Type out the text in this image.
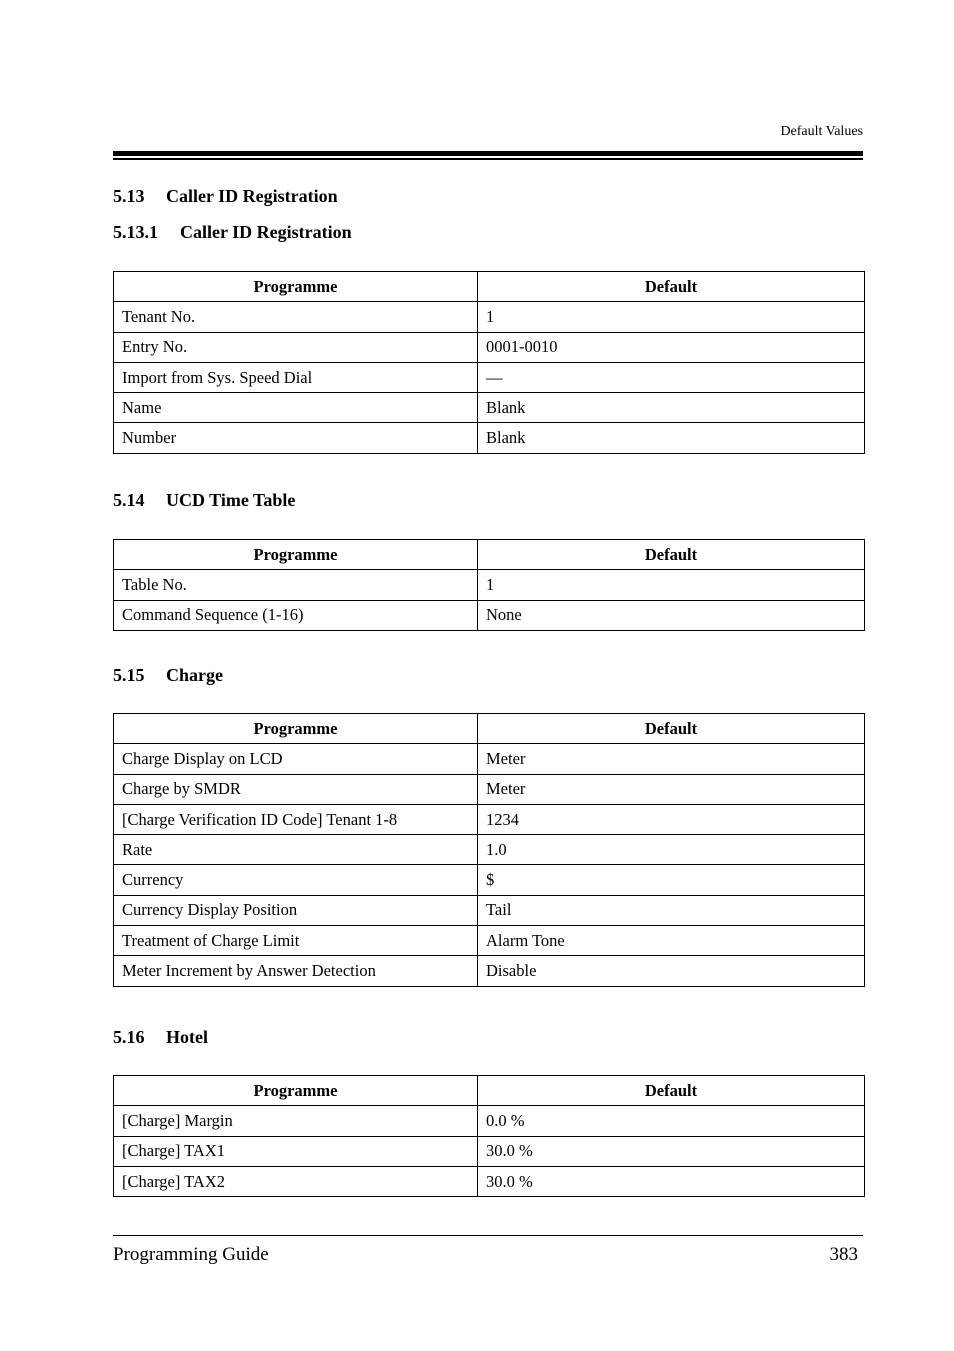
Default Values
5.13 Caller ID Registration
5.13.1 Caller ID Registration
Programme	Default
Tenant No.	1
Entry No.	0001-0010
Import from Sys. Speed Dial	—
Name	Blank
Number	Blank
5.14 UCD Time Table
Programme	Default
Table No.	1
Command Sequence (1-16)	None
5.15 Charge
Programme	Default
Charge Display on LCD	Meter
Charge by SMDR	Meter
[Charge Verification ID Code] Tenant 1-8	1234
Rate	1.0
Currency	$
Currency Display Position	Tail
Treatment of Charge Limit	Alarm Tone
Meter Increment by Answer Detection	Disable
5.16 Hotel
Programme	Default
[Charge] Margin	0.0 %
[Charge] TAX1	30.0 %
[Charge] TAX2	30.0 %
Programming Guide	383
